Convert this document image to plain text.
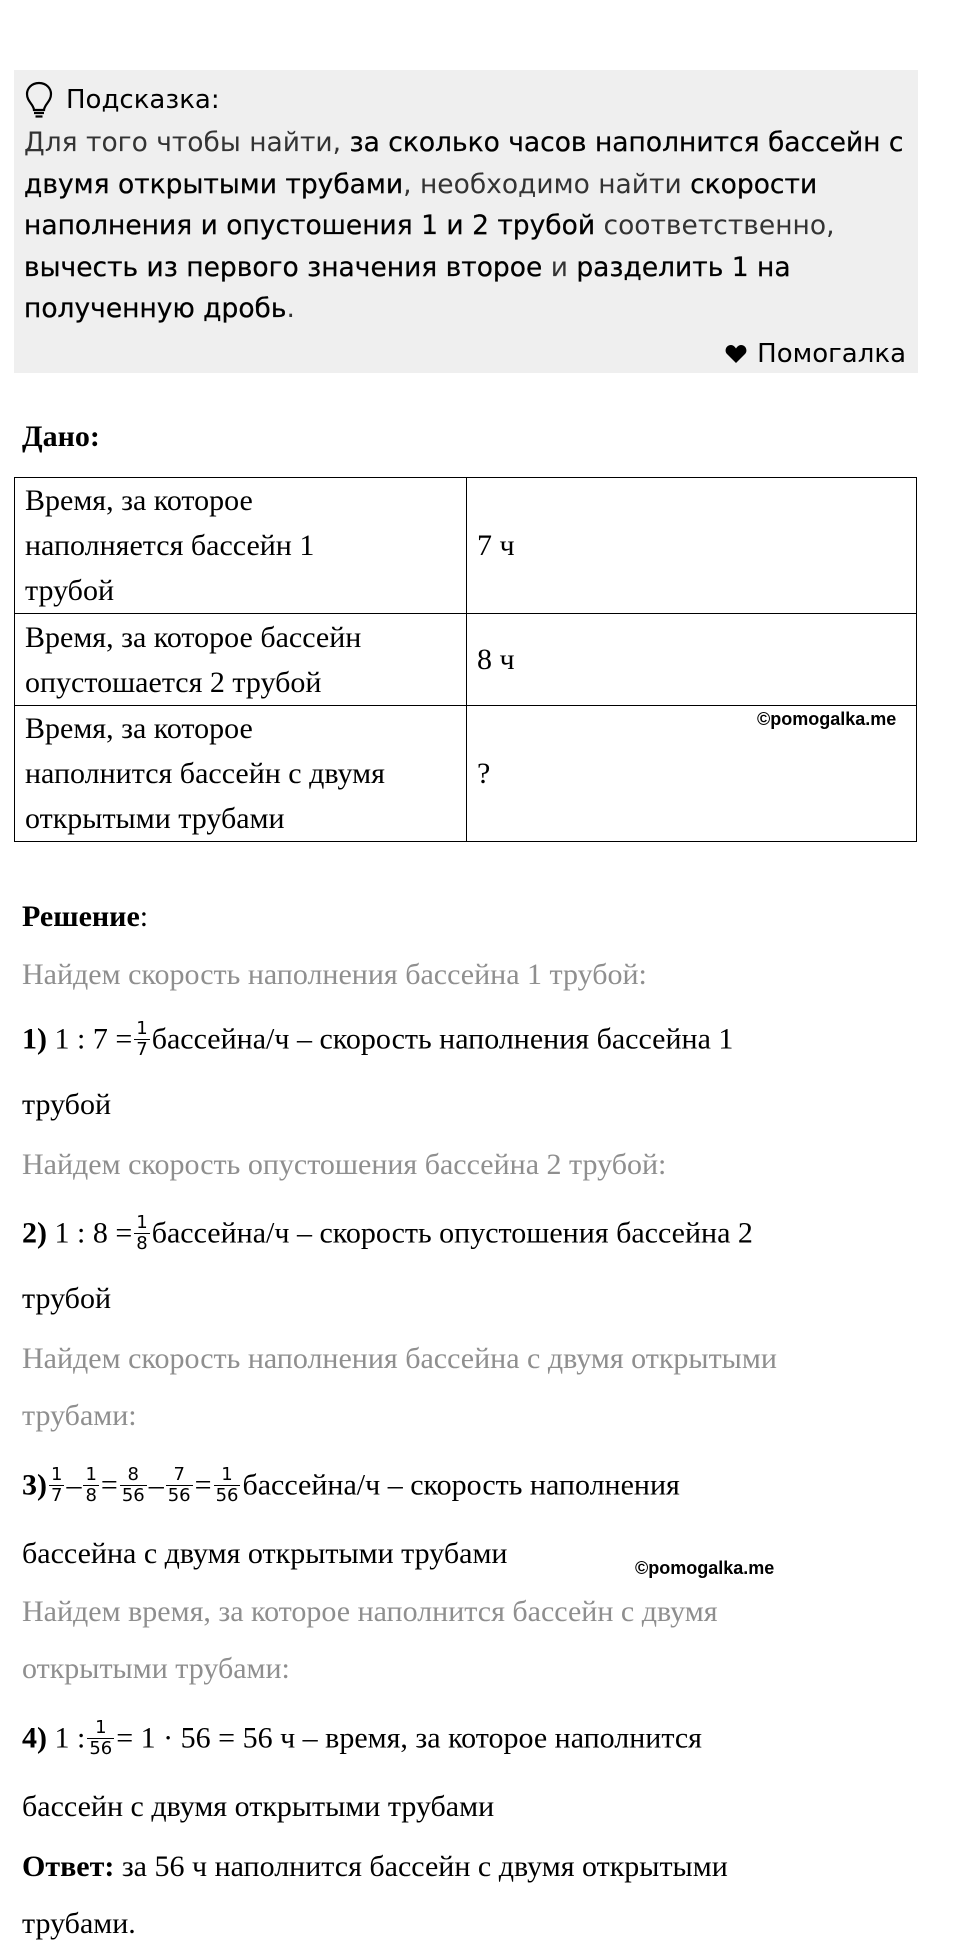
Подсказка:
Для того чтобы найти, за сколько часов наполнится бассейн с двумя открытыми трубами, необходимо найти скорости наполнения и опустошения 1 и 2 трубой соответственно, вычесть из первого значения второе и разделить 1 на полученную дробь.
Помогалка
Дано:
Время, за которое
наполняется бассейн 1
трубой	7 ч

Время, за которое бассейн
опустошается 2 трубой	8 ч

Время, за которое
наполнится бассейн с двумя
открытыми трубами	?
©pomogalka.me
Решение:
Найдем скорость наполнения бассейна 1 трубой:
1) 1 : $7 = \frac{1}{7}$ бассейна/ч – скорость наполнения бассейна 1
трубой
Найдем скорость опустошения бассейна 2 трубой:
2) 1 : $8 = \frac{1}{8}$ бассейна/ч – скорость опустошения бассейна 2
трубой
Найдем скорость наполнения бассейна с двумя открытыми
трубами:
$3) \frac{1}{7} - \frac{1}{8} = \frac{8}{56} - \frac{7}{56} = \frac{1}{56}$ бассейна/ч – скорость наполнения
бассейна с двумя открытыми трубами	©pomogalka.me
Найдем время, за которое наполнится бассейн с двумя
открытыми трубами:
4) 1 : $\frac{1}{56} = 1 \cdot 56 = 56$ ч – время, за которое наполнится
бассейн с двумя открытыми трубами
Ответ: за 56 ч наполнится бассейн с двумя открытыми
трубами.
